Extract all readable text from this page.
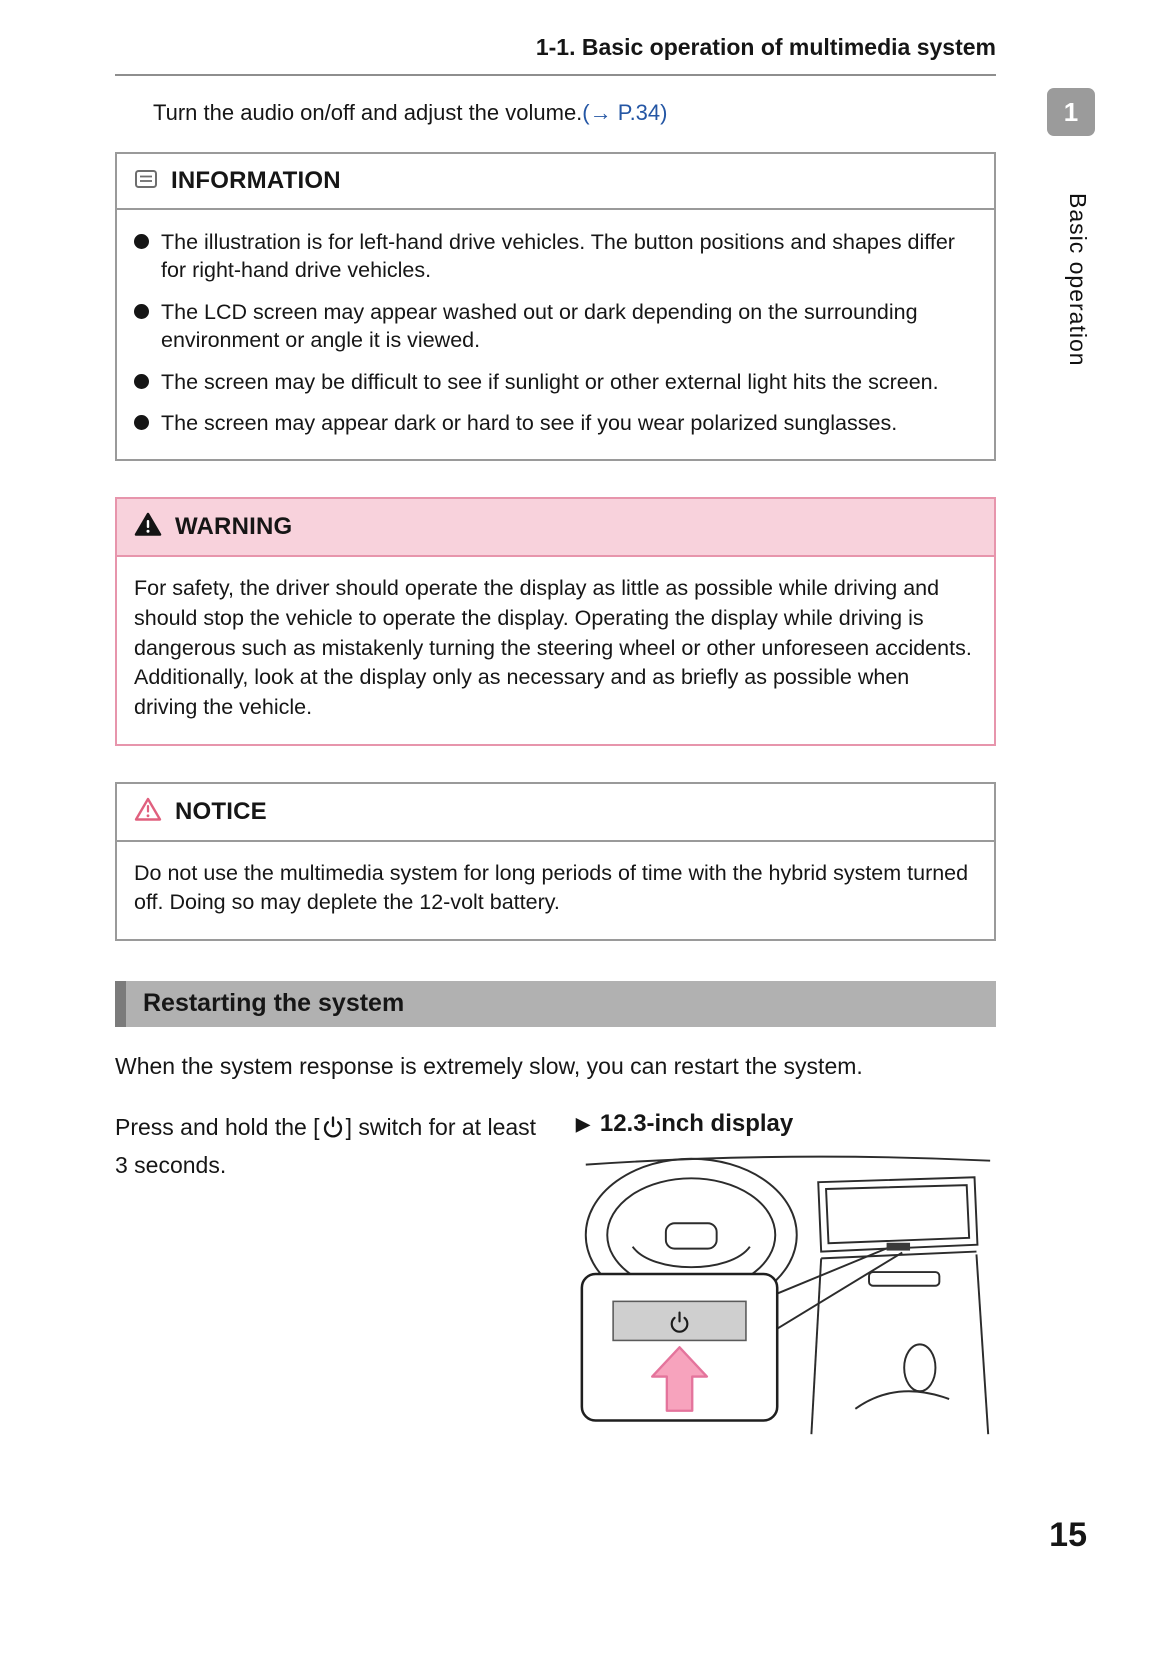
1
Basic operation
1-1. Basic operation of multimedia system

Turn the audio on/off and adjust the volume.(→ P.34)

INFORMATION
The illustration is for left-hand drive vehicles. The button positions and shapes differ for right-hand drive vehicles.
The LCD screen may appear washed out or dark depending on the surrounding environment or angle it is viewed.
The screen may be difficult to see if sunlight or other external light hits the screen.
The screen may appear dark or hard to see if you wear polarized sunglasses.
WARNING
For safety, the driver should operate the display as little as possible while driving and should stop the vehicle to operate the display. Operating the display while driving is dangerous such as mistakenly turning the steering wheel or other unforeseen accidents. Additionally, look at the display only as necessary and as briefly as possible when driving the vehicle.
NOTICE
Do not use the multimedia system for long periods of time with the hybrid system turned off. Doing so may deplete the 12-volt battery.
Restarting the system

When the system response is extremely slow, you can restart the system.

Press and hold the [ ] switch for at least 3 seconds.
▶ 12.3-inch display
15
